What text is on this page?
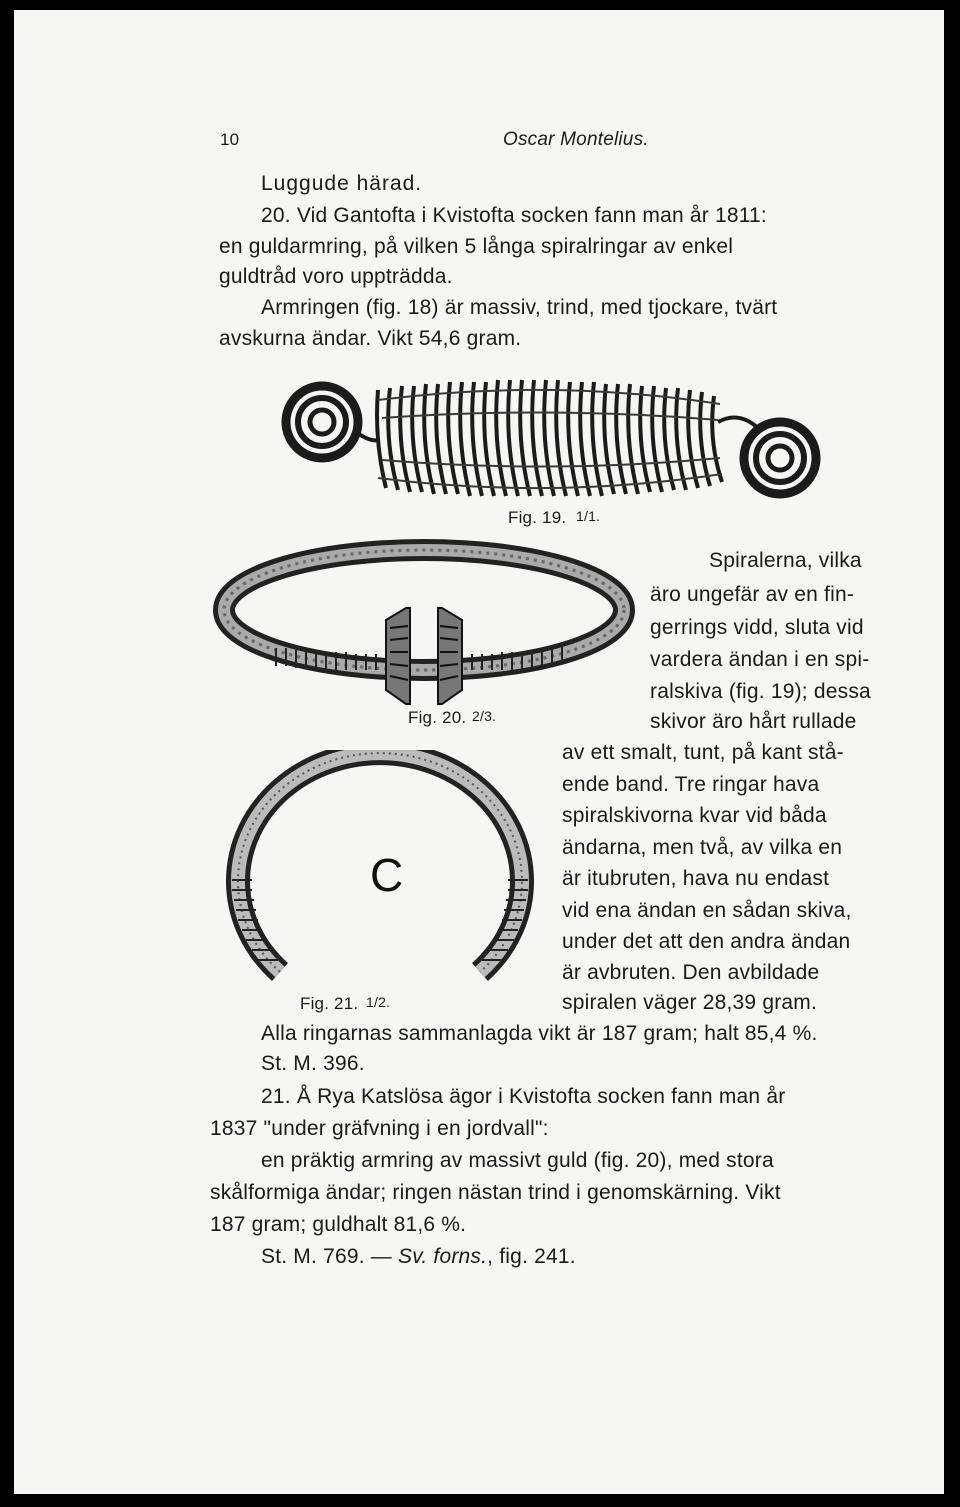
10	Oscar Montelius.
Luggude härad.
20. Vid Gantofta i Kvistofta socken fann man år 1811:
en guldarmring, på vilken 5 långa spiralringar av enkel
guldtråd voro uppträdda.
Armringen (fig. 18) är massiv, trind, med tjockare, tvärt
avskurna ändar. Vikt 54,6 gram.
Fig. 19. 1/1.
Fig. 20. 2/3.
C
Fig. 21. 1/2.
Spiralerna, vilka
äro ungefär av en fin-
gerrings vidd, sluta vid
vardera ändan i en spi-
ralskiva (fig. 19); dessa
skivor äro hårt rullade
av ett smalt, tunt, på kant stå-
ende band. Tre ringar hava
spiralskivorna kvar vid båda
ändarna, men två, av vilka en
är itubruten, hava nu endast
vid ena ändan en sådan skiva,
under det att den andra ändan
är avbruten. Den avbildade
spiralen väger 28,39 gram.
Alla ringarnas sammanlagda vikt är 187 gram; halt 85,4 %.
St. M. 396.
21. Å Rya Katslösa ägor i Kvistofta socken fann man år
1837 "under gräfvning i en jordvall":
en präktig armring av massivt guld (fig. 20), med stora
skålformiga ändar; ringen nästan trind i genomskärning. Vikt
187 gram; guldhalt 81,6 %.
St. M. 769. — Sv. forns., fig. 241.
